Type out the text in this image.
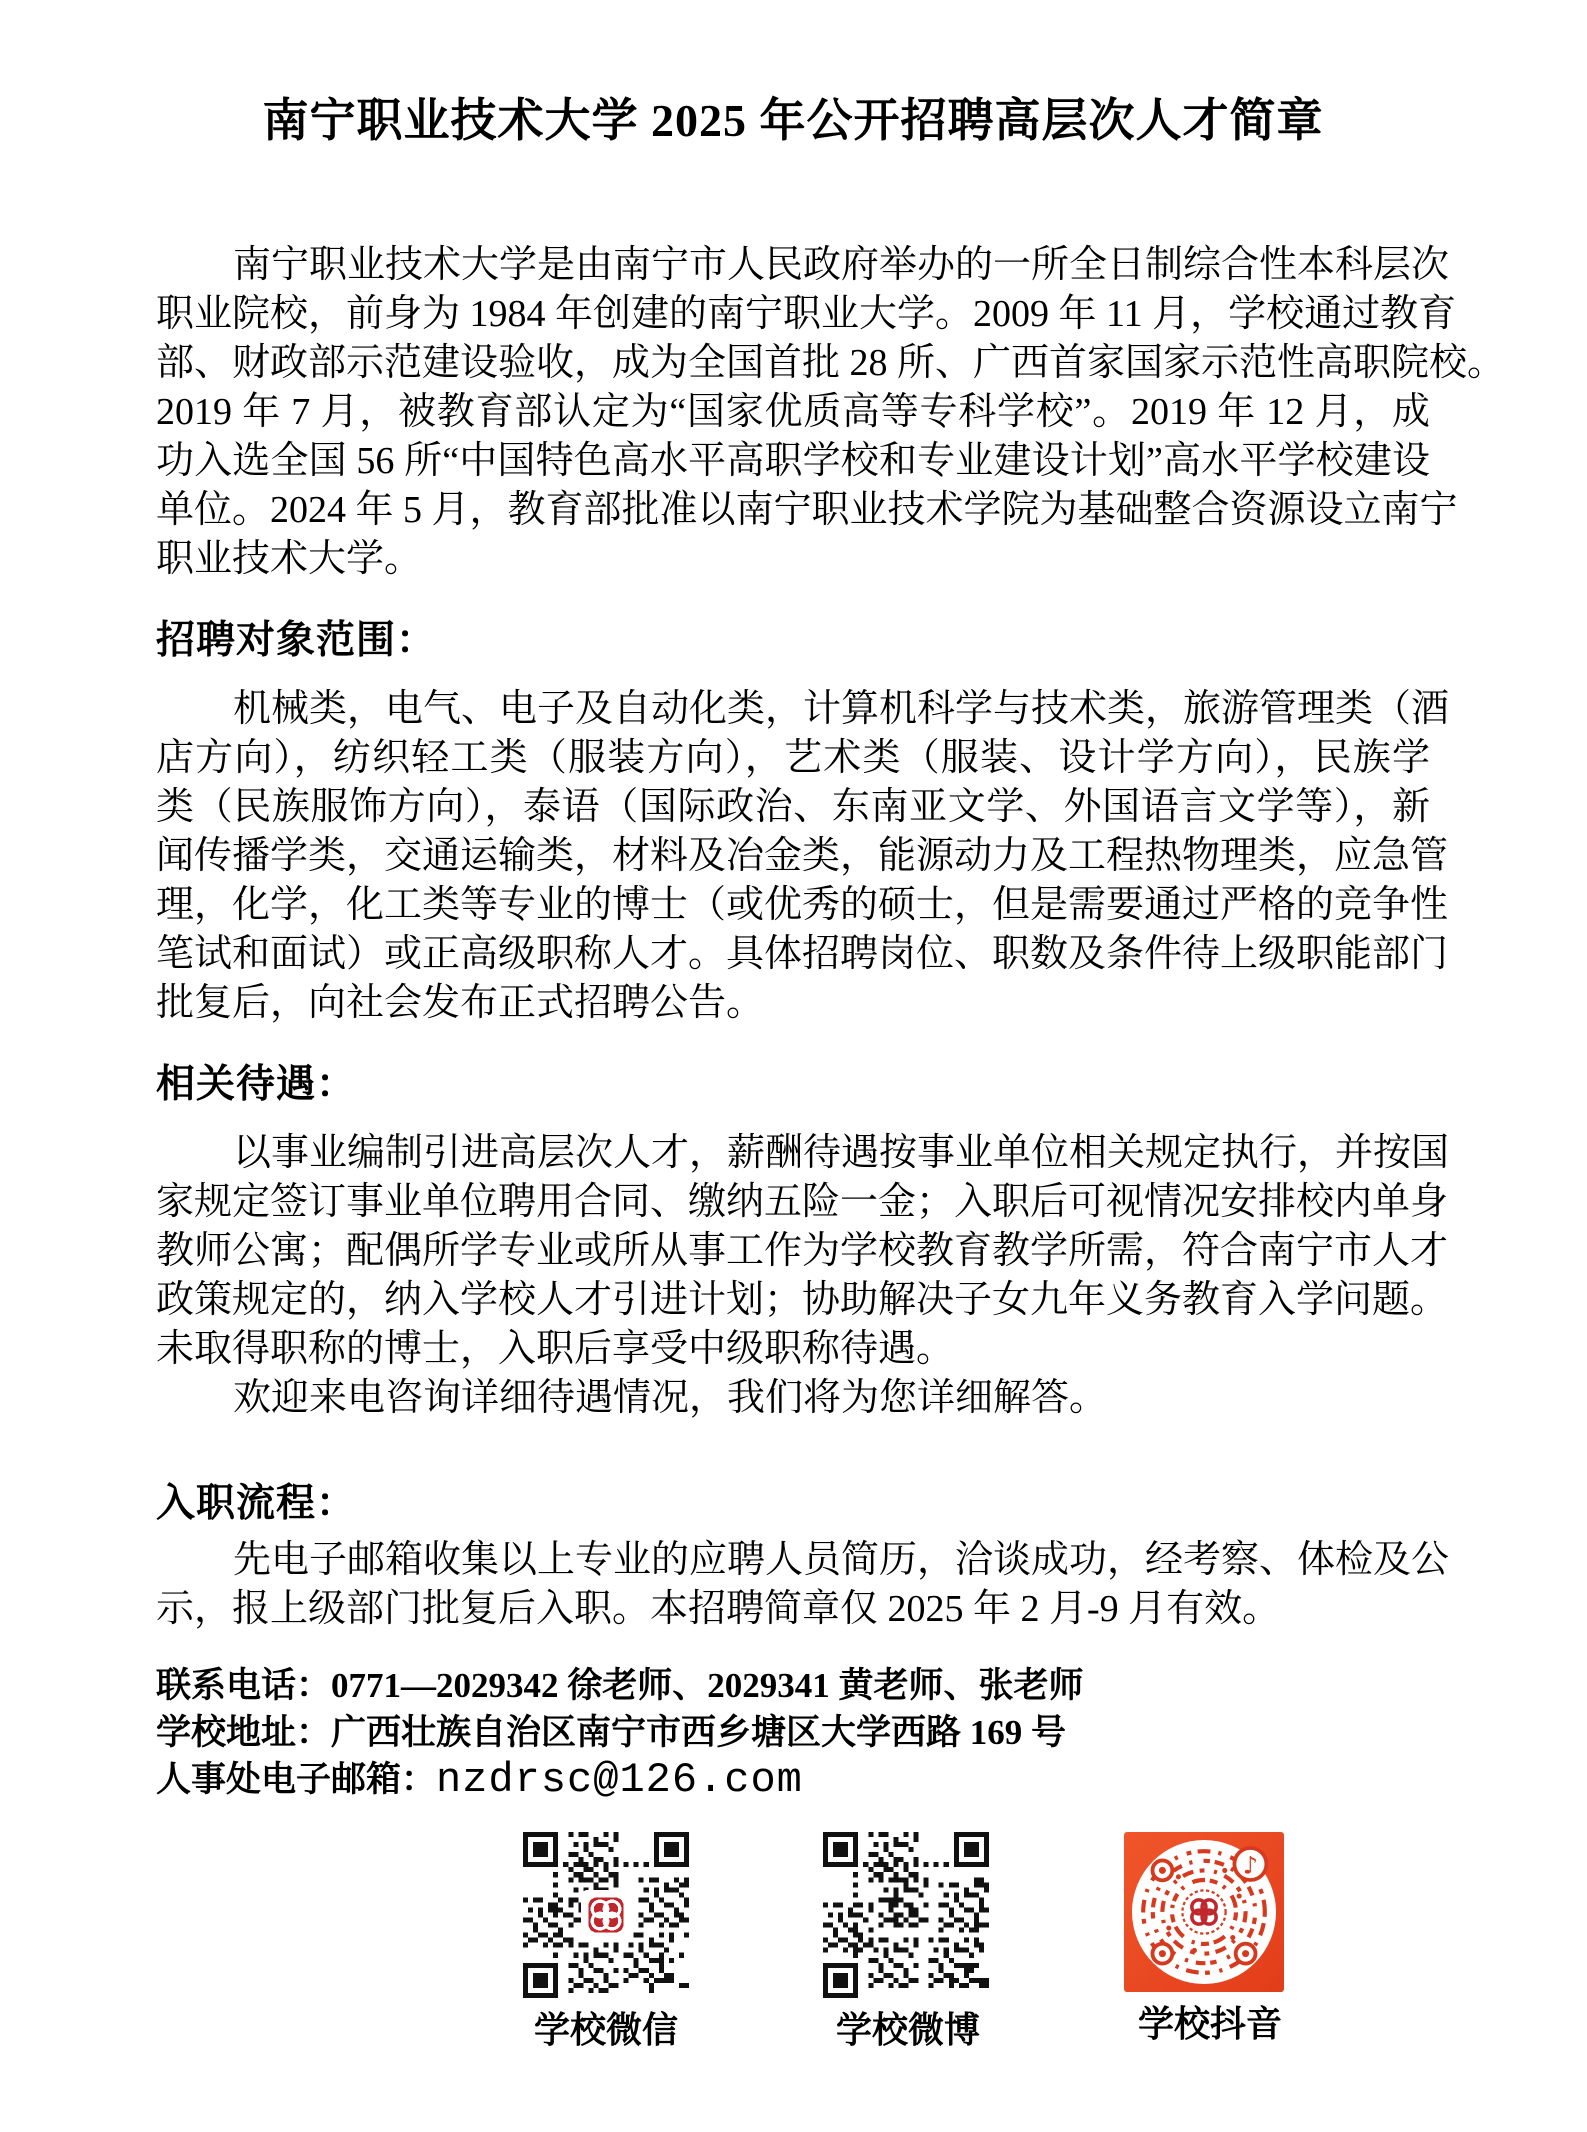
南宁职业技术大学 2025 年公开招聘高层次人才简章
南宁职业技术大学是由南宁市人民政府举办的一所全日制综合性本科层次
职业院校，前身为 1984 年创建的南宁职业大学。2009 年 11 月，学校通过教育
部、财政部示范建设验收，成为全国首批 28 所、广西首家国家示范性高职院校。
2019 年 7 月，被教育部认定为“国家优质高等专科学校”。2019 年 12 月，成
功入选全国 56 所“中国特色高水平高职学校和专业建设计划”高水平学校建设
单位。2024 年 5 月，教育部批准以南宁职业技术学院为基础整合资源设立南宁
职业技术大学。
招聘对象范围：
机械类，电气、电子及自动化类，计算机科学与技术类，旅游管理类（酒
店方向），纺织轻工类（服装方向），艺术类（服装、设计学方向），民族学
类（民族服饰方向），泰语（国际政治、东南亚文学、外国语言文学等），新
闻传播学类，交通运输类，材料及冶金类，能源动力及工程热物理类，应急管
理，化学，化工类等专业的博士（或优秀的硕士，但是需要通过严格的竞争性
笔试和面试）或正高级职称人才。具体招聘岗位、职数及条件待上级职能部门
批复后，向社会发布正式招聘公告。
相关待遇：
以事业编制引进高层次人才，薪酬待遇按事业单位相关规定执行，并按国
家规定签订事业单位聘用合同、缴纳五险一金；入职后可视情况安排校内单身
教师公寓；配偶所学专业或所从事工作为学校教育教学所需，符合南宁市人才
政策规定的，纳入学校人才引进计划；协助解决子女九年义务教育入学问题。
未取得职称的博士，入职后享受中级职称待遇。
欢迎来电咨询详细待遇情况，我们将为您详细解答。
入职流程：
先电子邮箱收集以上专业的应聘人员简历，洽谈成功，经考察、体检及公
示，报上级部门批复后入职。本招聘简章仅 2025 年 2 月-9 月有效。
联系电话：0771—2029342 徐老师、2029341 黄老师、张老师
学校地址：广西壮族自治区南宁市西乡塘区大学西路 169 号
人事处电子邮箱：nzdrsc@126.com
学校微信	学校微博
♪
学校抖音
